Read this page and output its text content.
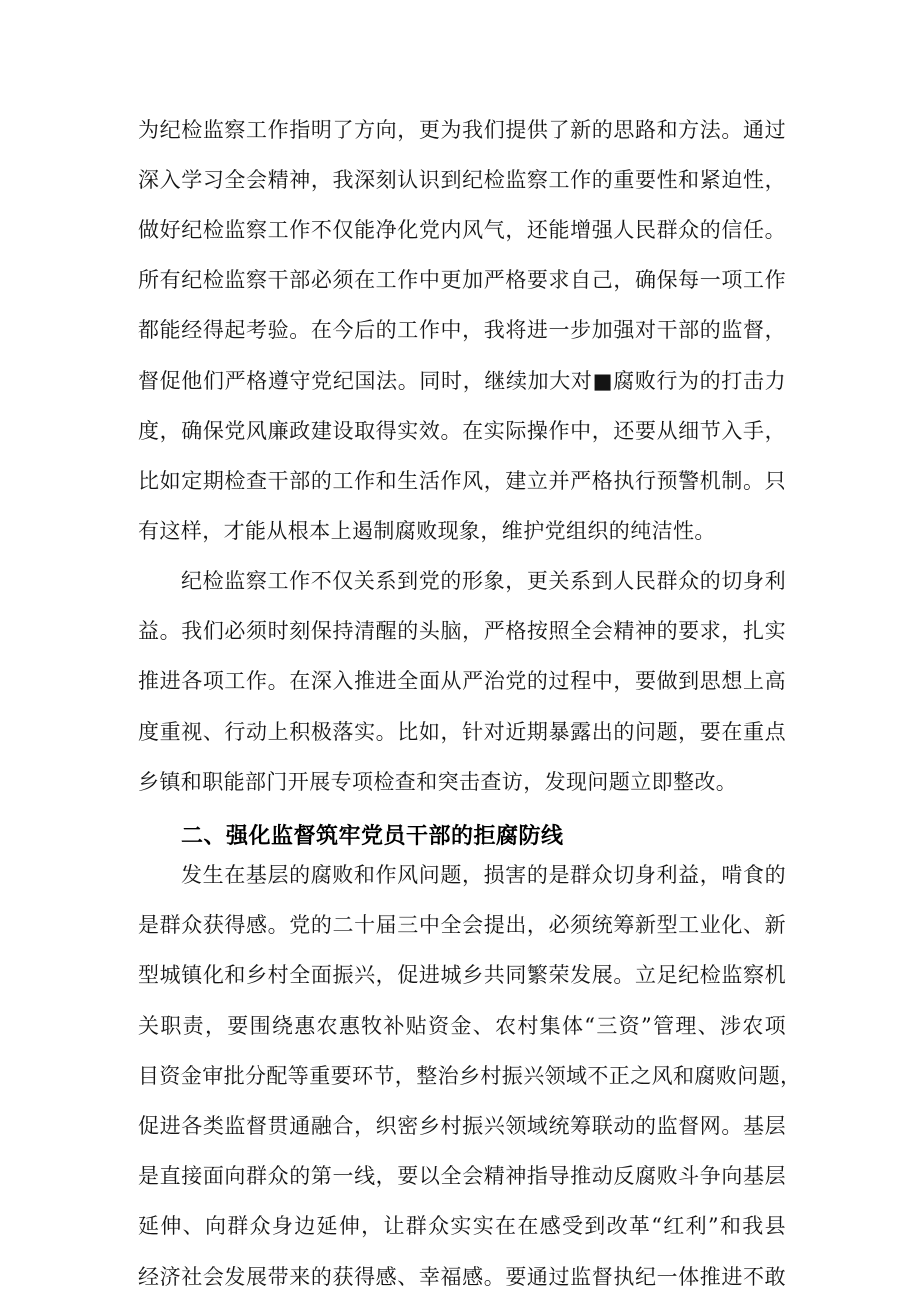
为纪检监察工作指明了方向，更为我们提供了新的思路和方法。通过

深入学习全会精神，我深刻认识到纪检监察工作的重要性和紧迫性，

做好纪检监察工作不仅能净化党内风气，还能增强人民群众的信任。

所有纪检监察干部必须在工作中更加严格要求自己，确保每一项工作

都能经得起考验。在今后的工作中，我将进一步加强对干部的监督，

督促他们严格遵守党纪国法。同时，继续加大对■腐败行为的打击力

度，确保党风廉政建设取得实效。在实际操作中，还要从细节入手，

比如定期检查干部的工作和生活作风，建立并严格执行预警机制。只

有这样，才能从根本上遏制腐败现象，维护党组织的纯洁性。

纪检监察工作不仅关系到党的形象，更关系到人民群众的切身利

益。我们必须时刻保持清醒的头脑，严格按照全会精神的要求，扎实

推进各项工作。在深入推进全面从严治党的过程中，要做到思想上高

度重视、行动上积极落实。比如，针对近期暴露出的问题，要在重点

乡镇和职能部门开展专项检查和突击查访，发现问题立即整改。

二、强化监督筑牢党员干部的拒腐防线

发生在基层的腐败和作风问题，损害的是群众切身利益，啃食的

是群众获得感。党的二十届三中全会提出，必须统筹新型工业化、新

型城镇化和乡村全面振兴，促进城乡共同繁荣发展。立足纪检监察机

关职责，要围绕惠农惠牧补贴资金、农村集体“三资”管理、涉农项

目资金审批分配等重要环节，整治乡村振兴领域不正之风和腐败问题，

促进各类监督贯通融合，织密乡村振兴领域统筹联动的监督网。基层

是直接面向群众的第一线，要以全会精神指导推动反腐败斗争向基层

延伸、向群众身边延伸，让群众实实在在感受到改革“红利”和我县

经济社会发展带来的获得感、幸福感。要通过监督执纪一体推进不敢
